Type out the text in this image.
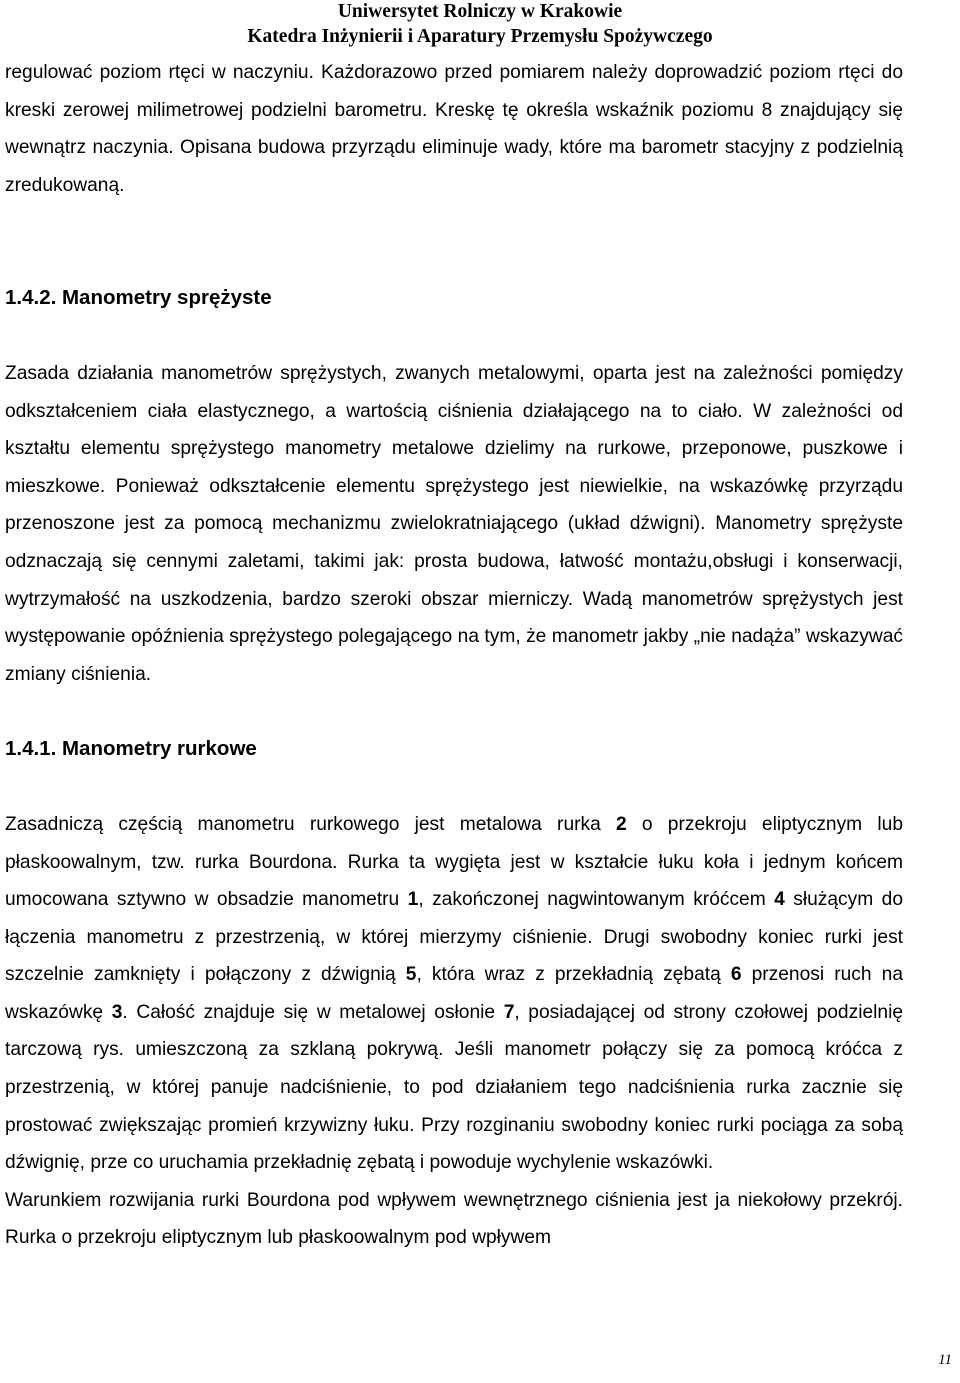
Uniwersytet Rolniczy w Krakowie
Katedra Inżynierii i Aparatury Przemysłu Spożywczego

regulować poziom rtęci w naczyniu. Każdorazowo przed pomiarem należy doprowadzić poziom rtęci do kreski zerowej milimetrowej podzielni barometru. Kreskę tę określa wskaźnik poziomu 8 znajdujący się wewnątrz naczynia. Opisana budowa przyrządu eliminuje wady, które ma barometr stacyjny z podzielnią zredukowaną.

1.4.2. Manometry sprężyste

Zasada działania manometrów sprężystych, zwanych metalowymi, oparta jest na zależności pomiędzy odkształceniem ciała elastycznego, a wartością ciśnienia działającego na to ciało. W zależności od kształtu elementu sprężystego manometry metalowe dzielimy na rurkowe, przeponowe, puszkowe i mieszkowe. Ponieważ odkształcenie elementu sprężystego jest niewielkie, na wskazówkę przyrządu przenoszone jest za pomocą mechanizmu zwielokratniającego (układ dźwigni). Manometry sprężyste odznaczają się cennymi zaletami, takimi jak: prosta budowa, łatwość montażu,obsługi i konserwacji, wytrzymałość na uszkodzenia, bardzo szeroki obszar mierniczy. Wadą manometrów sprężystych jest występowanie opóźnienia sprężystego polegającego na tym, że manometr jakby „nie nadąża” wskazywać zmiany ciśnienia.

1.4.1. Manometry rurkowe

Zasadniczą częścią manometru rurkowego jest metalowa rurka 2 o przekroju eliptycznym lub płaskoowalnym, tzw. rurka Bourdona. Rurka ta wygięta jest w kształcie łuku koła i jednym końcem umocowana sztywno w obsadzie manometru 1, zakończonej nagwintowanym króćcem 4 służącym do łączenia manometru z przestrzenią, w której mierzymy ciśnienie. Drugi swobodny koniec rurki jest szczelnie zamknięty i połączony z dźwignią 5, która wraz z przekładnią zębatą 6 przenosi ruch na wskazówkę 3. Całość znajduje się w metalowej osłonie 7, posiadającej od strony czołowej podzielnię tarczową rys. umieszczoną za szklaną pokrywą. Jeśli manometr połączy się za pomocą króćca z przestrzenią, w której panuje nadciśnienie, to pod działaniem tego nadciśnienia rurka zacznie się prostować zwiększając promień krzywizny łuku. Przy rozginaniu swobodny koniec rurki pociąga za sobą dźwignię, prze co uruchamia przekładnię zębatą i powoduje wychylenie wskazówki.

Warunkiem rozwijania rurki Bourdona pod wpływem wewnętrznego ciśnienia jest ja niekołowy przekrój. Rurka o przekroju eliptycznym lub płaskoowalnym pod wpływem

11
